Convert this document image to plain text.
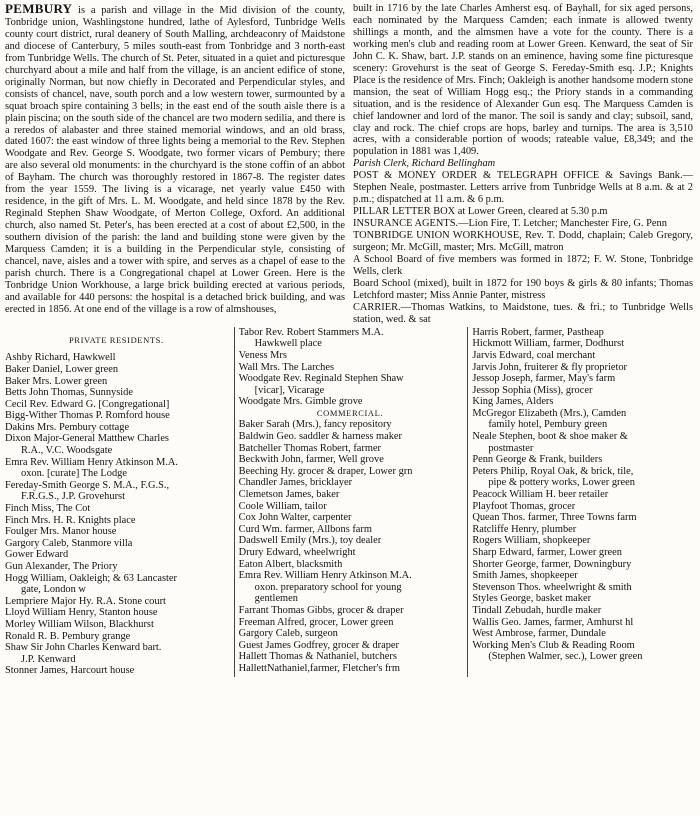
PEMBURY is a parish and village in the Mid division of the county, Tonbridge union, Washlingstone hundred, lathe of Aylesford, Tunbridge Wells county court district, rural deanery of South Malling, archdeaconry of Maidstone and diocese of Canterbury, 5 miles south-east from Tonbridge and 3 north-east from Tunbridge Wells. The church of St. Peter, situated in a quiet and picturesque churchyard about a mile and half from the village, is an ancient edifice of stone, originally Norman, but now chiefly in Decorated and Perpendicular styles, and consists of chancel, nave, south porch and a low western tower, surmounted by a squat broach spire containing 3 bells; in the east end of the south aisle there is a plain piscina; on the south side of the chancel are two modern sedilia, and there is a reredos of alabaster and three stained memorial windows, and an old brass, dated 1607: the east window of three lights being a memorial to the Rev. Stephen Woodgate and Rev. George S. Woodgate, two former vicars of Pembury; there are also several old monuments: in the churchyard is the stone coffin of an abbot of Bayham. The church was thoroughly restored in 1867-8. The register dates from the year 1559. The living is a vicarage, net yearly value £450 with residence, in the gift of Mrs. L. M. Woodgate, and held since 1878 by the Rev. Reginald Stephen Shaw Woodgate, of Merton College, Oxford. An additional church, also named St. Peter's, has been erected at a cost of about £2,500, in the southern division of the parish: the land and building stone were given by the Marquess Camden; it is a building in the Perpendicular style, consisting of chancel, nave, aisles and a tower with spire, and serves as a chapel of ease to the parish church. There is a Congregational chapel at Lower Green. Here is the Tonbridge Union Workhouse, a large brick building erected at various periods, and available for 440 persons: the hospital is a detached brick building, and was erected in 1856. At one end of the village is a row of almshouses,

built in 1716 by the late Charles Amherst esq. of Bayhall, for six aged persons, each nominated by the Marquess Camden; each inmate is allowed twenty shillings a month, and the almsmen have a vote for the county. There is a working men's club and reading room at Lower Green. Kenward, the seat of Sir John C. K. Shaw, bart. J.P. stands on an eminence, having some fine picturesque scenery: Grovehurst is the seat of George S. Fereday-Smith esq. J.P.; Knights Place is the residence of Mrs. Finch; Oakleigh is another handsome modern stone mansion, the seat of William Hogg esq.; the Priory stands in a commanding situation, and is the residence of Alexander Gun esq. The Marquess Camden is chief landowner and lord of the manor. The soil is sandy and clay; subsoil, sand, clay and rock. The chief crops are hops, barley and turnips. The area is 3,510 acres, with a considerable portion of woods; rateable value, £8,349; and the population in 1881 was 1,409.

Parish Clerk, Richard Bellingham

POST & MONEY ORDER & TELEGRAPH OFFICE & Savings Bank.—Stephen Neale, postmaster. Letters arrive from Tunbridge Wells at 8 a.m. & at 2 p.m.; dispatched at 11 a.m. & 6 p.m.

PILLAR LETTER BOX at Lower Green, cleared at 5.30 p.m

INSURANCE AGENTS.—Lion Fire, T. Letcher; Manchester Fire, G. Penn

TONBRIDGE UNION WORKHOUSE, Rev. T. Dodd, chaplain; Caleb Gregory, surgeon; Mr. McGill, master; Mrs. McGill, matron

A School Board of five members was formed in 1872; F. W. Stone, Tonbridge Wells, clerk

Board School (mixed), built in 1872 for 190 boys & girls & 80 infants; Thomas Letchford master; Miss Annie Panter, mistress

CARRIER.—Thomas Watkins, to Maidstone, tues. & fri.; to Tunbridge Wells station, wed. & sat

PRIVATE RESIDENTS.
Ashby Richard, Hawkwell
Baker Daniel, Lower green
Baker Mrs. Lower green
Betts John Thomas, Sunnyside
Cecil Rev. Edward G. [Congregational]
Bigg-Wither Thomas P. Romford house
Dakins Mrs. Pembury cottage
Dixon Major-General Matthew Charles
R.A., V.C. Woodsgate
Emra Rev. William Henry Atkinson M.A.
oxon. [curate] The Lodge
Fereday-Smith George S. M.A., F.G.S.,
F.R.G.S., J.P. Grovehurst
Finch Miss, The Cot
Finch Mrs. H. R. Knights place
Foulger Mrs. Manor house
Gargory Caleb, Stanmore villa
Gower Edward
Gun Alexander, The Priory
Hogg William, Oakleigh; & 63 Lancaster
gate, London w
Lempriere Major Hy. R.A. Stone court
Lloyd William Henry, Stanton house
Morley William Wilson, Blackhurst
Ronald R. B. Pembury grange
Shaw Sir John Charles Kenward bart.
J.P. Kenward
Stonner James, Harcourt house
Tabor Rev. Robert Stammers M.A.
Hawkwell place
Veness Mrs
Wall Mrs. The Larches
Woodgate Rev. Reginald Stephen Shaw
[vicar], Vicarage
Woodgate Mrs. Gimble grove
COMMERCIAL.
Baker Sarah (Mrs.), fancy repository
Baldwin Geo. saddler & harness maker
Batcheller Thomas Robert, farmer
Beckwith John, farmer, Well grove
Beeching Hy. grocer & draper, Lower grn
Chandler James, bricklayer
Clemetson James, baker
Coole William, tailor
Cox John Walter, carpenter
Curd Wm. farmer, Allbons farm
Dadswell Emily (Mrs.), toy dealer
Drury Edward, wheelwright
Eaton Albert, blacksmith
Emra Rev. William Henry Atkinson M.A.
oxon. preparatory school for young
gentlemen
Farrant Thomas Gibbs, grocer & draper
Freeman Alfred, grocer, Lower green
Gargory Caleb, surgeon
Guest James Godfrey, grocer & draper
Hallett Thomas & Nathaniel, butchers
HallettNathaniel,farmer, Fletcher's frm
Harris Robert, farmer, Pastheap
Hickmott William, farmer, Dodhurst
Jarvis Edward, coal merchant
Jarvis John, fruiterer & fly proprietor
Jessop Joseph, farmer, May's farm
Jessop Sophia (Miss), grocer
King James, Alders
McGregor Elizabeth (Mrs.), Camden
family hotel, Pembury green
Neale Stephen, boot & shoe maker &
postmaster
Penn George & Frank, builders
Peters Philip, Royal Oak, & brick, tile,
pipe & pottery works, Lower green
Peacock William H. beer retailer
Playfoot Thomas, grocer
Quean Thos. farmer, Three Towns farm
Ratcliffe Henry, plumber
Rogers William, shopkeeper
Sharp Edward, farmer, Lower green
Shorter George, farmer, Downingbury
Smith James, shopkeeper
Stevenson Thos. wheelwright & smith
Styles George, basket maker
Tindall Zebudah, hurdle maker
Wallis Geo. James, farmer, Amhurst hl
West Ambrose, farmer, Dundale
Working Men's Club & Reading Room
(Stephen Walmer, sec.), Lower green
